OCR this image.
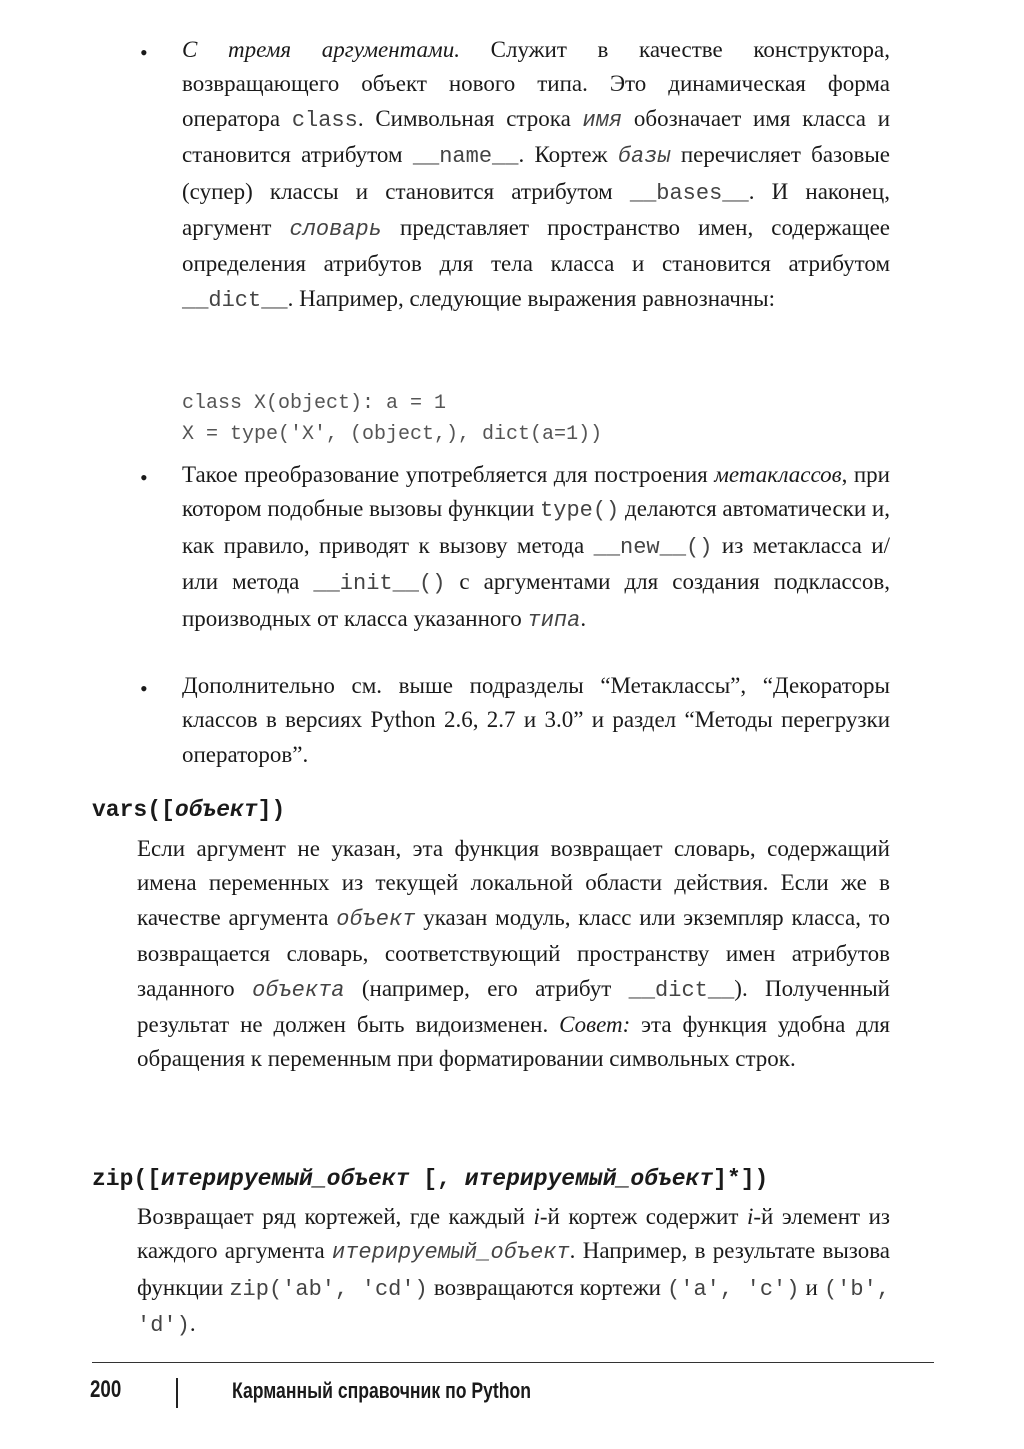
• С тремя аргументами. Служит в качестве конструктора, возвращающего объект нового типа. Это динамическая форма оператора class. Символьная строка имя обозначает имя класса и становится атрибутом __name__. Кортеж базы перечисляет базовые (супер) классы и становится атрибутом __bases__. И наконец, аргумент словарь представляет пространство имен, содержащее определения атрибутов для тела класса и становится атрибутом __dict__. Например, следующие выражения равнозначны:

class X(object): a = 1
X = type('X', (object,), dict(a=1))
• Такое преобразование употребляется для построения метаклассов, при котором подобные вызовы функции type() делаются автоматически и, как правило, приводят к вызову метода __new__() из метакласса и/или метода __init__() с аргументами для создания подклассов, производных от класса указанного типа.

• Дополнительно см. выше подразделы “Метаклассы”, “Декораторы классов в версиях Python 2.6, 2.7 и 3.0” и раздел “Методы перегрузки операторов”.

vars([объект])

Если аргумент не указан, эта функция возвращает словарь, содержащий имена переменных из текущей локальной области действия. Если же в качестве аргумента объект указан модуль, класс или экземпляр класса, то возвращается словарь, соответствующий пространству имен атрибутов заданного объекта (например, его атрибут __dict__). Полученный результат не должен быть видоизменен. Совет: эта функция удобна для обращения к переменным при форматировании символьных строк.

zip([итерируемый_объект [, итерируемый_объект]*])

Возвращает ряд кортежей, где каждый i-й кортеж содержит i-й элемент из каждого аргумента итерируемый_объект. Например, в результате вызова функции zip('ab', 'cd') возвращаются кортежи ('a', 'c') и ('b', 'd').

200	Карманный справочник по Python
